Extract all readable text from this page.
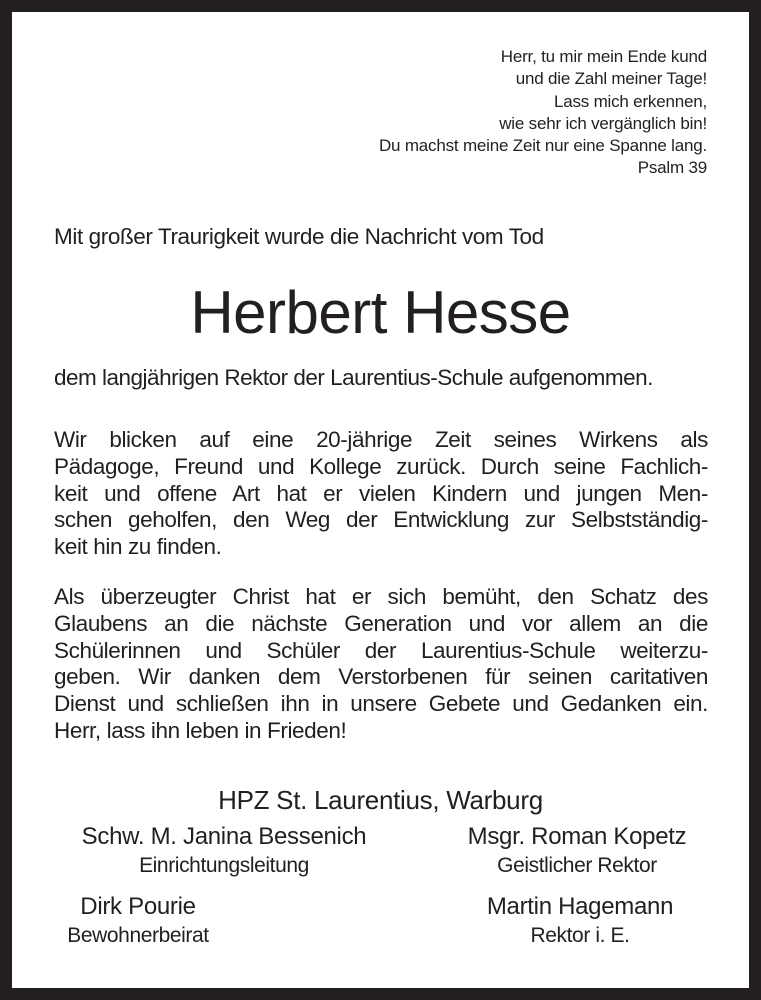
Herr, tu mir mein Ende kund
und die Zahl meiner Tage!
Lass mich erkennen,
wie sehr ich vergänglich bin!
Du machst meine Zeit nur eine Spanne lang.
Psalm 39
Mit großer Traurigkeit wurde die Nachricht vom Tod
Herbert Hesse
dem langjährigen Rektor der Laurentius-Schule aufgenommen.
Wir blicken auf eine 20-jährige Zeit seines Wirkens als
Pädagoge, Freund und Kollege zurück. Durch seine Fachlich-
keit und offene Art hat er vielen Kindern und jungen Men-
schen geholfen, den Weg der Entwicklung zur Selbstständig-
keit hin zu finden.
Als überzeugter Christ hat er sich bemüht, den Schatz des
Glaubens an die nächste Generation und vor allem an die
Schülerinnen und Schüler der Laurentius-Schule weiterzu-
geben. Wir danken dem Verstorbenen für seinen caritativen
Dienst und schließen ihn in unsere Gebete und Gedanken ein.
Herr, lass ihn leben in Frieden!
HPZ St. Laurentius, Warburg
Schw. M. Janina Bessenich
Einrichtungsleitung
Msgr. Roman Kopetz
Geistlicher Rektor
Dirk Pourie
Bewohnerbeirat
Martin Hagemann
Rektor i. E.
